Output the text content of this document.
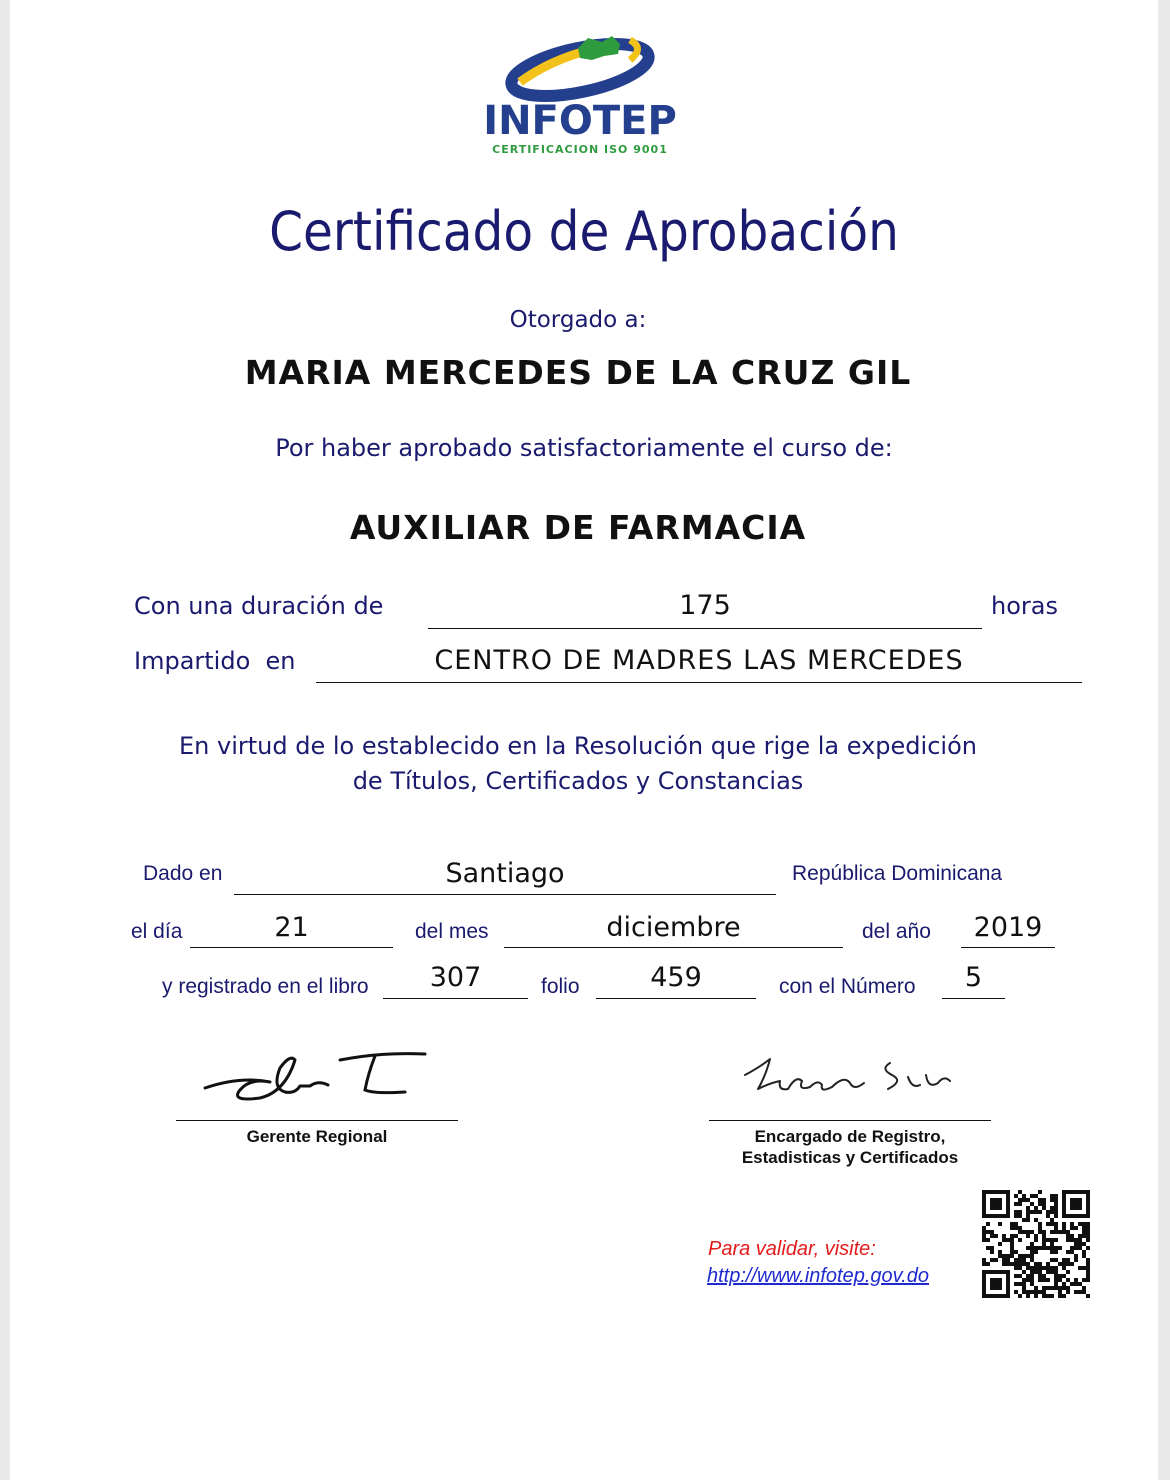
INFOTEP
CERTIFICACION ISO 9001
Certificado de Aprobación
Otorgado a:
MARIA MERCEDES DE LA CRUZ GIL
Por haber aprobado satisfactoriamente el curso de:
AUXILIAR DE FARMACIA
Con una duración de	175	horas
Impartido  en	CENTRO DE MADRES LAS MERCEDES
En virtud de lo establecido en la Resolución que rige la expedición
de Títulos, Certificados y Constancias
Dado en	Santiago	República Dominicana
el día	21	del mes	diciembre	del año	2019
y registrado en el libro	307	folio	459	con el Número	5
Gerente Regional	Encargado de Registro,
Estadisticas y Certificados
Para validar, visite:
http://www.infotep.gov.do
